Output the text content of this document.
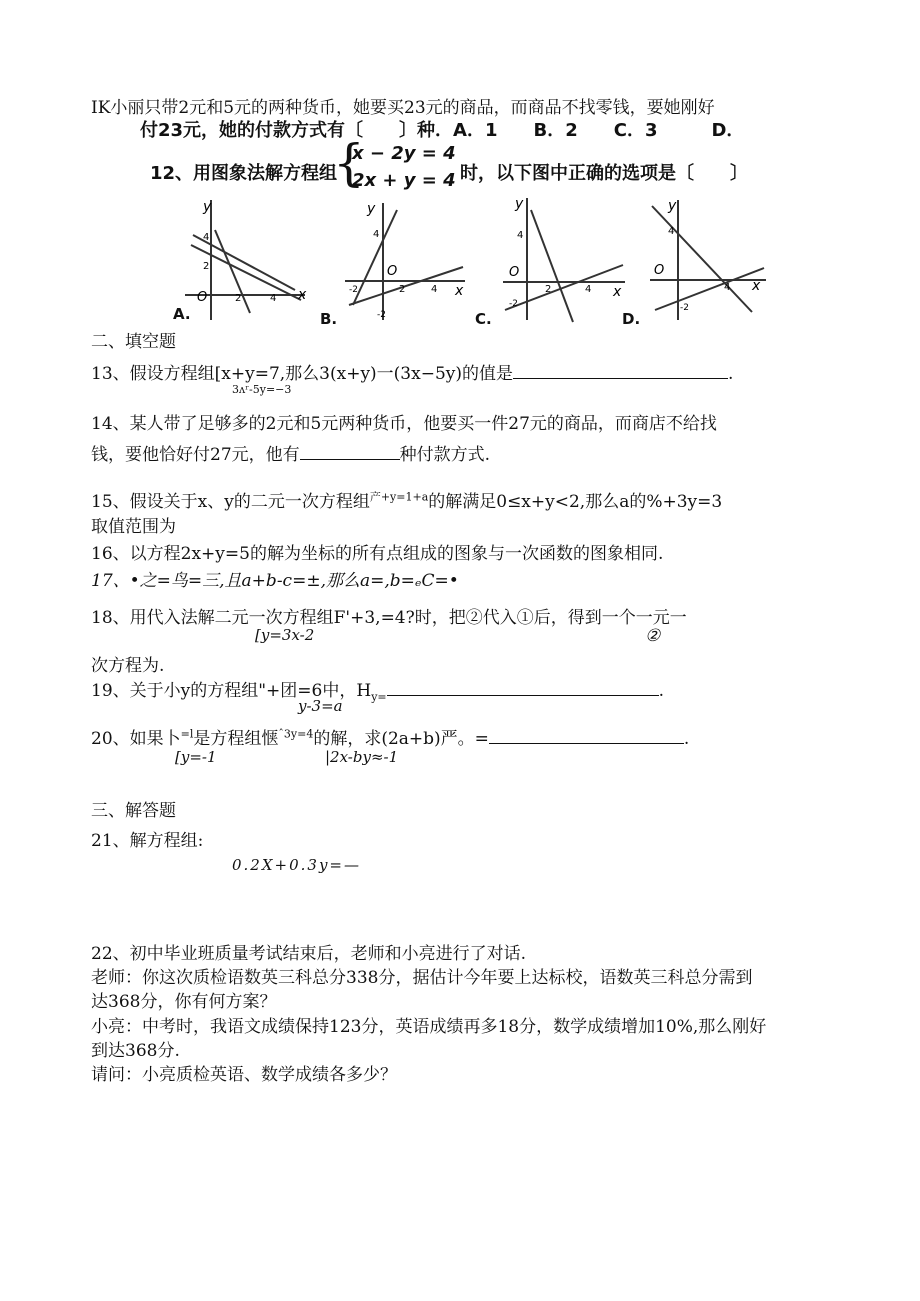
IK小丽只带2元和5元的两种货币，她要买23元的商品，而商品不找零钱，要她刚好
付23元，她的付款方式有〔　　〕种．A．1　　B．2　　C．3　　　D．
12、用图象法解方程组
{
x − 2y = 4
2x + y = 4 时，以下图中正确的选项是〔　　〕
y
x
O
4
2
2	4
A.
y
x
O
4
-2	2	4
-2
B.
y
x
O
4
2	4
-2
C.
y
x
O
4
4
-2
D.
二、填空题
13、假设方程组[x+y=7,那么3(x+y)一(3x−5y)的值是	.
3ʌʳ-5y=−3
14、某人带了足够多的2元和5元两种货币，他要买一件27元的商品，而商店不给找
钱，要他恰好付27元，他有	种付款方式.
15、假设关于x、y的二元一次方程组$^{产+y=1+a}$的解满足0≤x+y<2,那么a的%+3y=3
取值范围为
16、以方程2x+y=5的解为坐标的所有点组成的图象与一次函数的图象相同.
17、•之=鸟=三,且a+b-c=±,那么a=,b=ₑC=•
18、用代入法解二元一次方程组F'+3,=4?时，把②代入①后，得到一个一元一
[y=3x-2	②
次方程为.
19、关于小y的方程组"+团=6中，$H_{y=}$	.
y-3=a
20、如果卜$^{=l}$是方程组惬$^{ˆ3y=4}$的解，求(2a+b)严。=	.
[y=-1	|2x-by≈-1
三、解答题
21、解方程组:
0.2X+0.3y=—
22、初中毕业班质量考试结束后，老师和小亮进行了对话.
老师：你这次质检语数英三科总分338分，据估计今年要上达标校，语数英三科总分需到
达368分，你有何方案？
小亮：中考时，我语文成绩保持123分，英语成绩再多18分，数学成绩增加10%,那么刚好
到达368分.
请问：小亮质检英语、数学成绩各多少？
